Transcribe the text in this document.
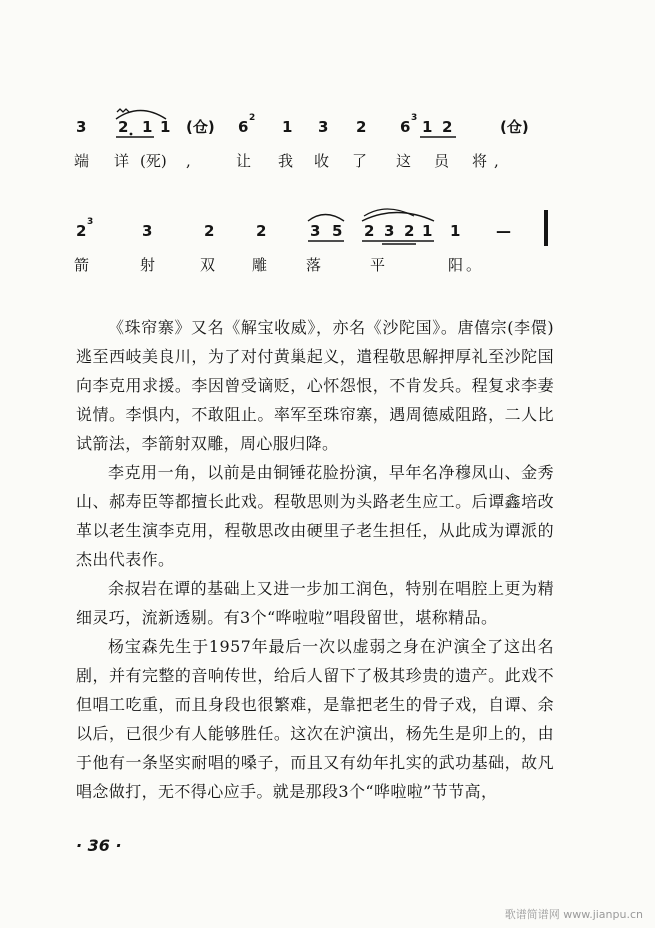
3 2 1 1 (仓) 6 2 1 3 2 6 3 1 2	(仓)
端 详 (死) ,	让 我 收 了 这 员 将 ,
2 3	3	2	2	3 5 2 3 2 1 1 —
箭	射	双 雕	落	平	阳 。

《珠帘寨》又名《解宝收威》，亦名《沙陀国》。唐僖宗(李儇)逃至西岐美良川，为了对付黄巢起义，遣程敬思解押厚礼至沙陀国向李克用求援。李因曾受谪贬，心怀怨恨，不肯发兵。程复求李妻说情。李惧内，不敢阻止。率军至珠帘寨，遇周德威阻路，二人比试箭法，李箭射双雕，周心服归降。

李克用一角，以前是由铜锤花脸扮演，早年名净穆凤山、金秀山、郝寿臣等都擅长此戏。程敬思则为头路老生应工。后谭鑫培改革以老生演李克用，程敬思改由硬里子老生担任，从此成为谭派的杰出代表作。

余叔岩在谭的基础上又进一步加工润色，特别在唱腔上更为精细灵巧，流新透剔。有3个“哗啦啦”唱段留世，堪称精品。

杨宝森先生于1957年最后一次以虚弱之身在沪演全了这出名剧，并有完整的音响传世，给后人留下了极其珍贵的遗产。此戏不但唱工吃重，而且身段也很繁难，是靠把老生的骨子戏，自谭、余以后，已很少有人能够胜任。这次在沪演出，杨先生是卯上的，由于他有一条坚实耐唱的嗓子，而且又有幼年扎实的武功基础，故凡唱念做打，无不得心应手。就是那段3个“哗啦啦”节节高，

· 36 ·
歌谱简谱网 www.jianpu.cn
